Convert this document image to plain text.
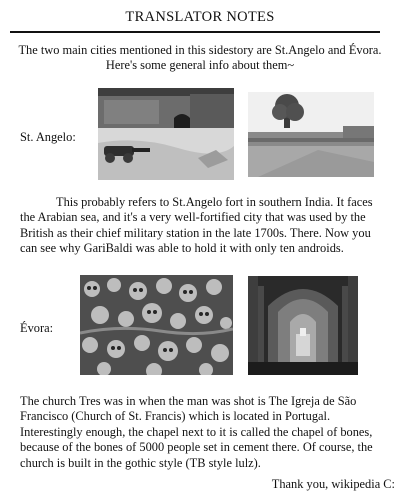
TRANSLATOR NOTES
The two main cities mentioned in this sidestory are St.Angelo and Évora. Here's some general info about them~
St. Angelo:
This probably refers to St.Angelo fort in southern India. It faces the Arabian sea, and it's a very well-fortified city that was used by the British as their chief military station in the late 1700s. There. Now you can see why GariBaldi was able to hold it with only ten androids.
Évora:
The church Tres was in when the man was shot is The Igreja de São Francisco (Church of St. Francis) which is located in Portugal. Interestingly enough, the chapel next to it is called the chapel of bones, because of the bones of 5000 people set in cement there. Of course, the church is built in the gothic style (TB style lulz).
Thank you, wikipedia C:
